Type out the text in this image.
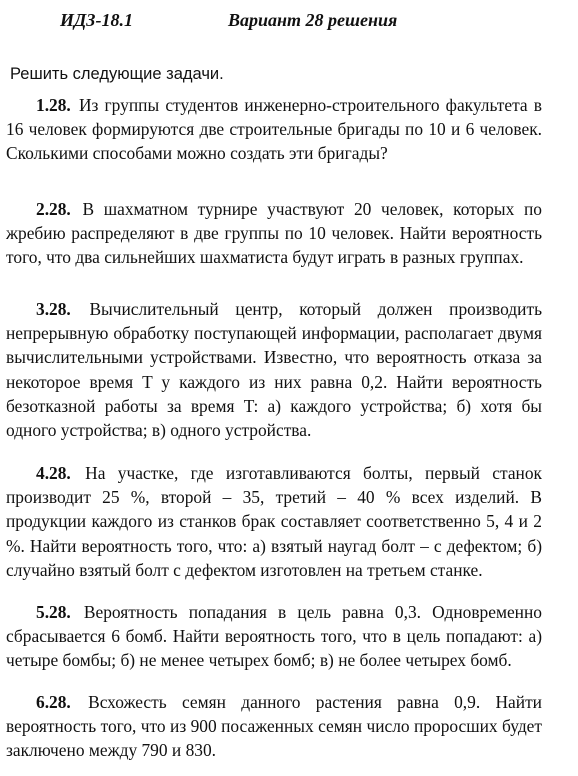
ИДЗ-18.1	Вариант 28 решения
Решить следующие задачи.
1.28. Из группы студентов инженерно-строительного факультета в 16 человек формируются две строительные бригады по 10 и 6 человек. Сколькими способами можно создать эти бригады?
2.28. В шахматном турнире участвуют 20 человек, которых по жребию распределяют в две группы по 10 человек. Найти вероятность того, что два сильнейших шахматиста будут играть в разных группах.
3.28. Вычислительный центр, который должен производить непрерывную обработку поступающей информации, располагает двумя вычислительными устройствами. Известно, что вероятность отказа за некоторое время T у каждого из них равна 0,2. Найти вероятность безотказной работы за время T: а) каждого устройства; б) хотя бы одного устройства; в) одного устройства.
4.28. На участке, где изготавливаются болты, первый станок производит 25 %, второй – 35, третий – 40 % всех изделий. В продукции каждого из станков брак составляет соответственно 5, 4 и 2 %. Найти вероятность того, что: а) взятый наугад болт – с дефектом; б) случайно взятый болт с дефектом изготовлен на третьем станке.
5.28. Вероятность попадания в цель равна 0,3. Одновременно сбрасывается 6 бомб. Найти вероятность того, что в цель попадают: а) четыре бомбы; б) не менее четырех бомб; в) не более четырех бомб.
6.28. Всхожесть семян данного растения равна 0,9. Найти вероятность того, что из 900 посаженных семян число проросших будет заключено между 790 и 830.
